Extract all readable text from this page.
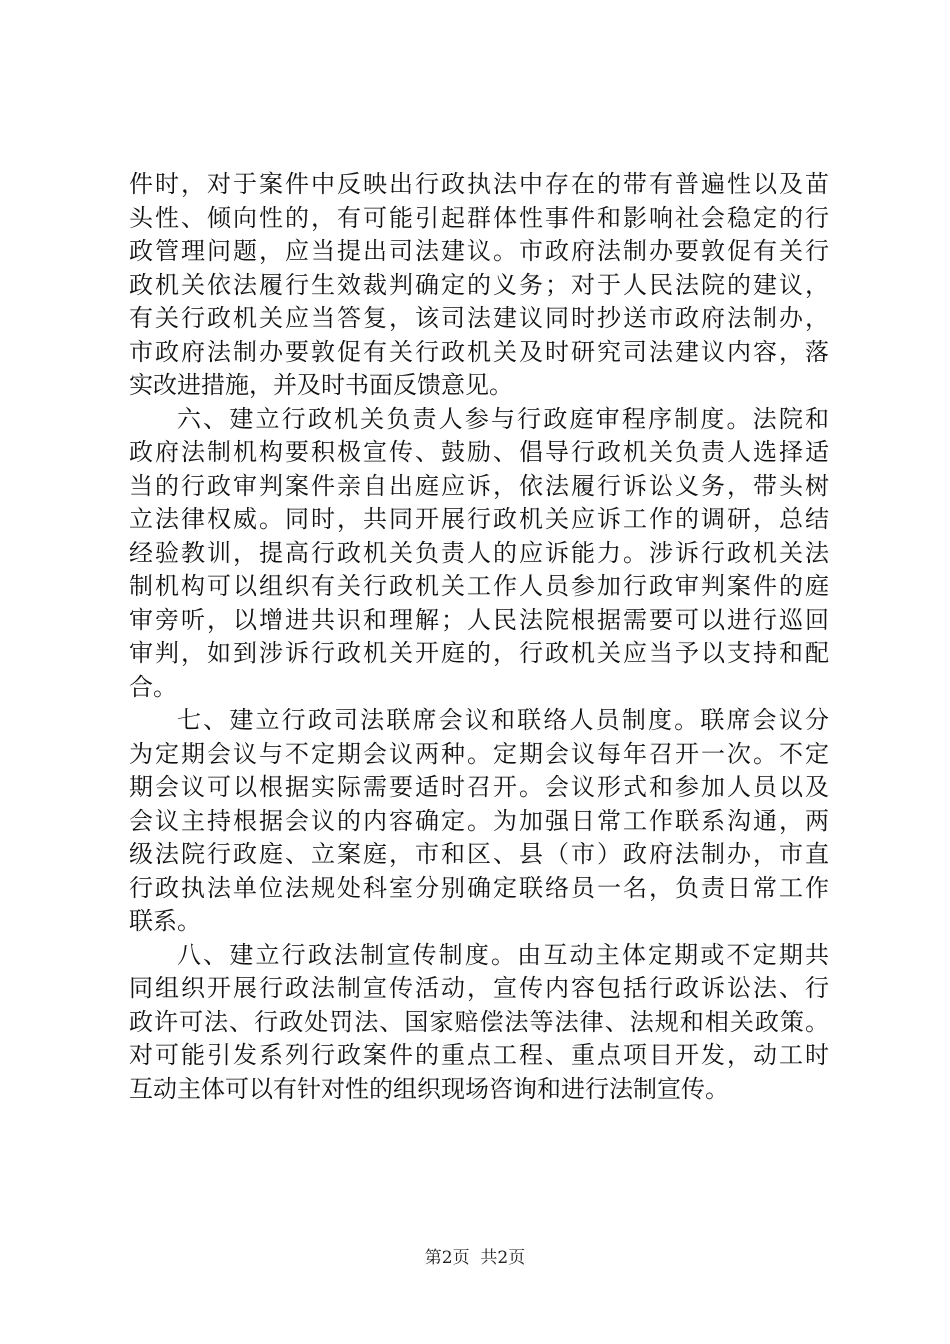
件时，对于案件中反映出行政执法中存在的带有普遍性以及苗
头性、倾向性的，有可能引起群体性事件和影响社会稳定的行
政管理问题，应当提出司法建议。市政府法制办要敦促有关行
政机关依法履行生效裁判确定的义务；对于人民法院的建议，
有关行政机关应当答复，该司法建议同时抄送市政府法制办，
市政府法制办要敦促有关行政机关及时研究司法建议内容，落
实改进措施，并及时书面反馈意见。
六、建立行政机关负责人参与行政庭审程序制度。法院和
政府法制机构要积极宣传、鼓励、倡导行政机关负责人选择适
当的行政审判案件亲自出庭应诉，依法履行诉讼义务，带头树
立法律权威。同时，共同开展行政机关应诉工作的调研，总结
经验教训，提高行政机关负责人的应诉能力。涉诉行政机关法
制机构可以组织有关行政机关工作人员参加行政审判案件的庭
审旁听，以增进共识和理解；人民法院根据需要可以进行巡回
审判，如到涉诉行政机关开庭的，行政机关应当予以支持和配
合。
七、建立行政司法联席会议和联络人员制度。联席会议分
为定期会议与不定期会议两种。定期会议每年召开一次。不定
期会议可以根据实际需要适时召开。会议形式和参加人员以及
会议主持根据会议的内容确定。为加强日常工作联系沟通，两
级法院行政庭、立案庭，市和区、县（市）政府法制办，市直
行政执法单位法规处科室分别确定联络员一名，负责日常工作
联系。
八、建立行政法制宣传制度。由互动主体定期或不定期共
同组织开展行政法制宣传活动，宣传内容包括行政诉讼法、行
政许可法、行政处罚法、国家赔偿法等法律、法规和相关政策。
对可能引发系列行政案件的重点工程、重点项目开发，动工时
互动主体可以有针对性的组织现场咨询和进行法制宣传。
第2页 共2页
